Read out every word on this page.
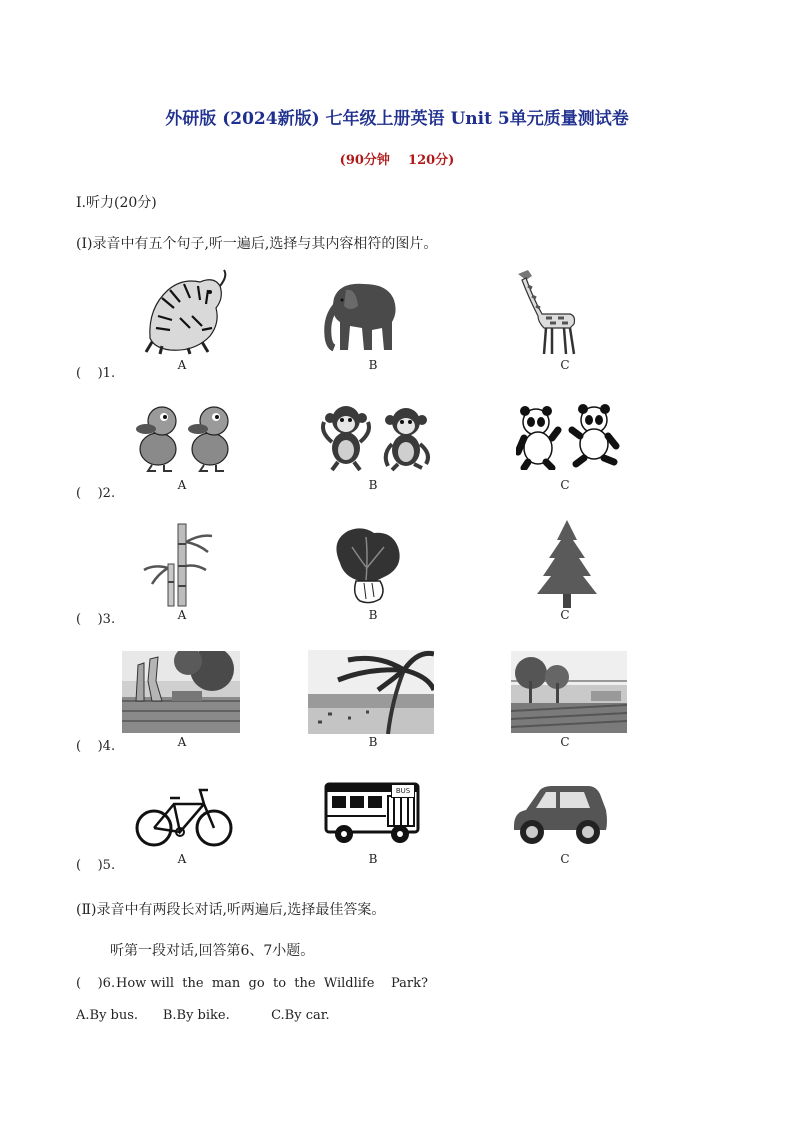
外研版 (2024新版) 七年级上册英语 Unit 5单元质量测试卷
(90分钟    120分)
Ⅰ.听力(20分)
(Ⅰ)录音中有五个句子,听一遍后,选择与其内容相符的图片。
A	B	C
(    )1.
A	B	C
(    )2.
A	B	C
(    )3.
A	B	C
(    )4.
BUS
A	B	C
(    )5.
(Ⅱ)录音中有两段长对话,听两遍后,选择最佳答案。
听第一段对话,回答第6、7小题。
(    )6. How will  the  man  go  to  the  Wildlife    Park?
A.By bus.      B.By bike.          C.By car.
